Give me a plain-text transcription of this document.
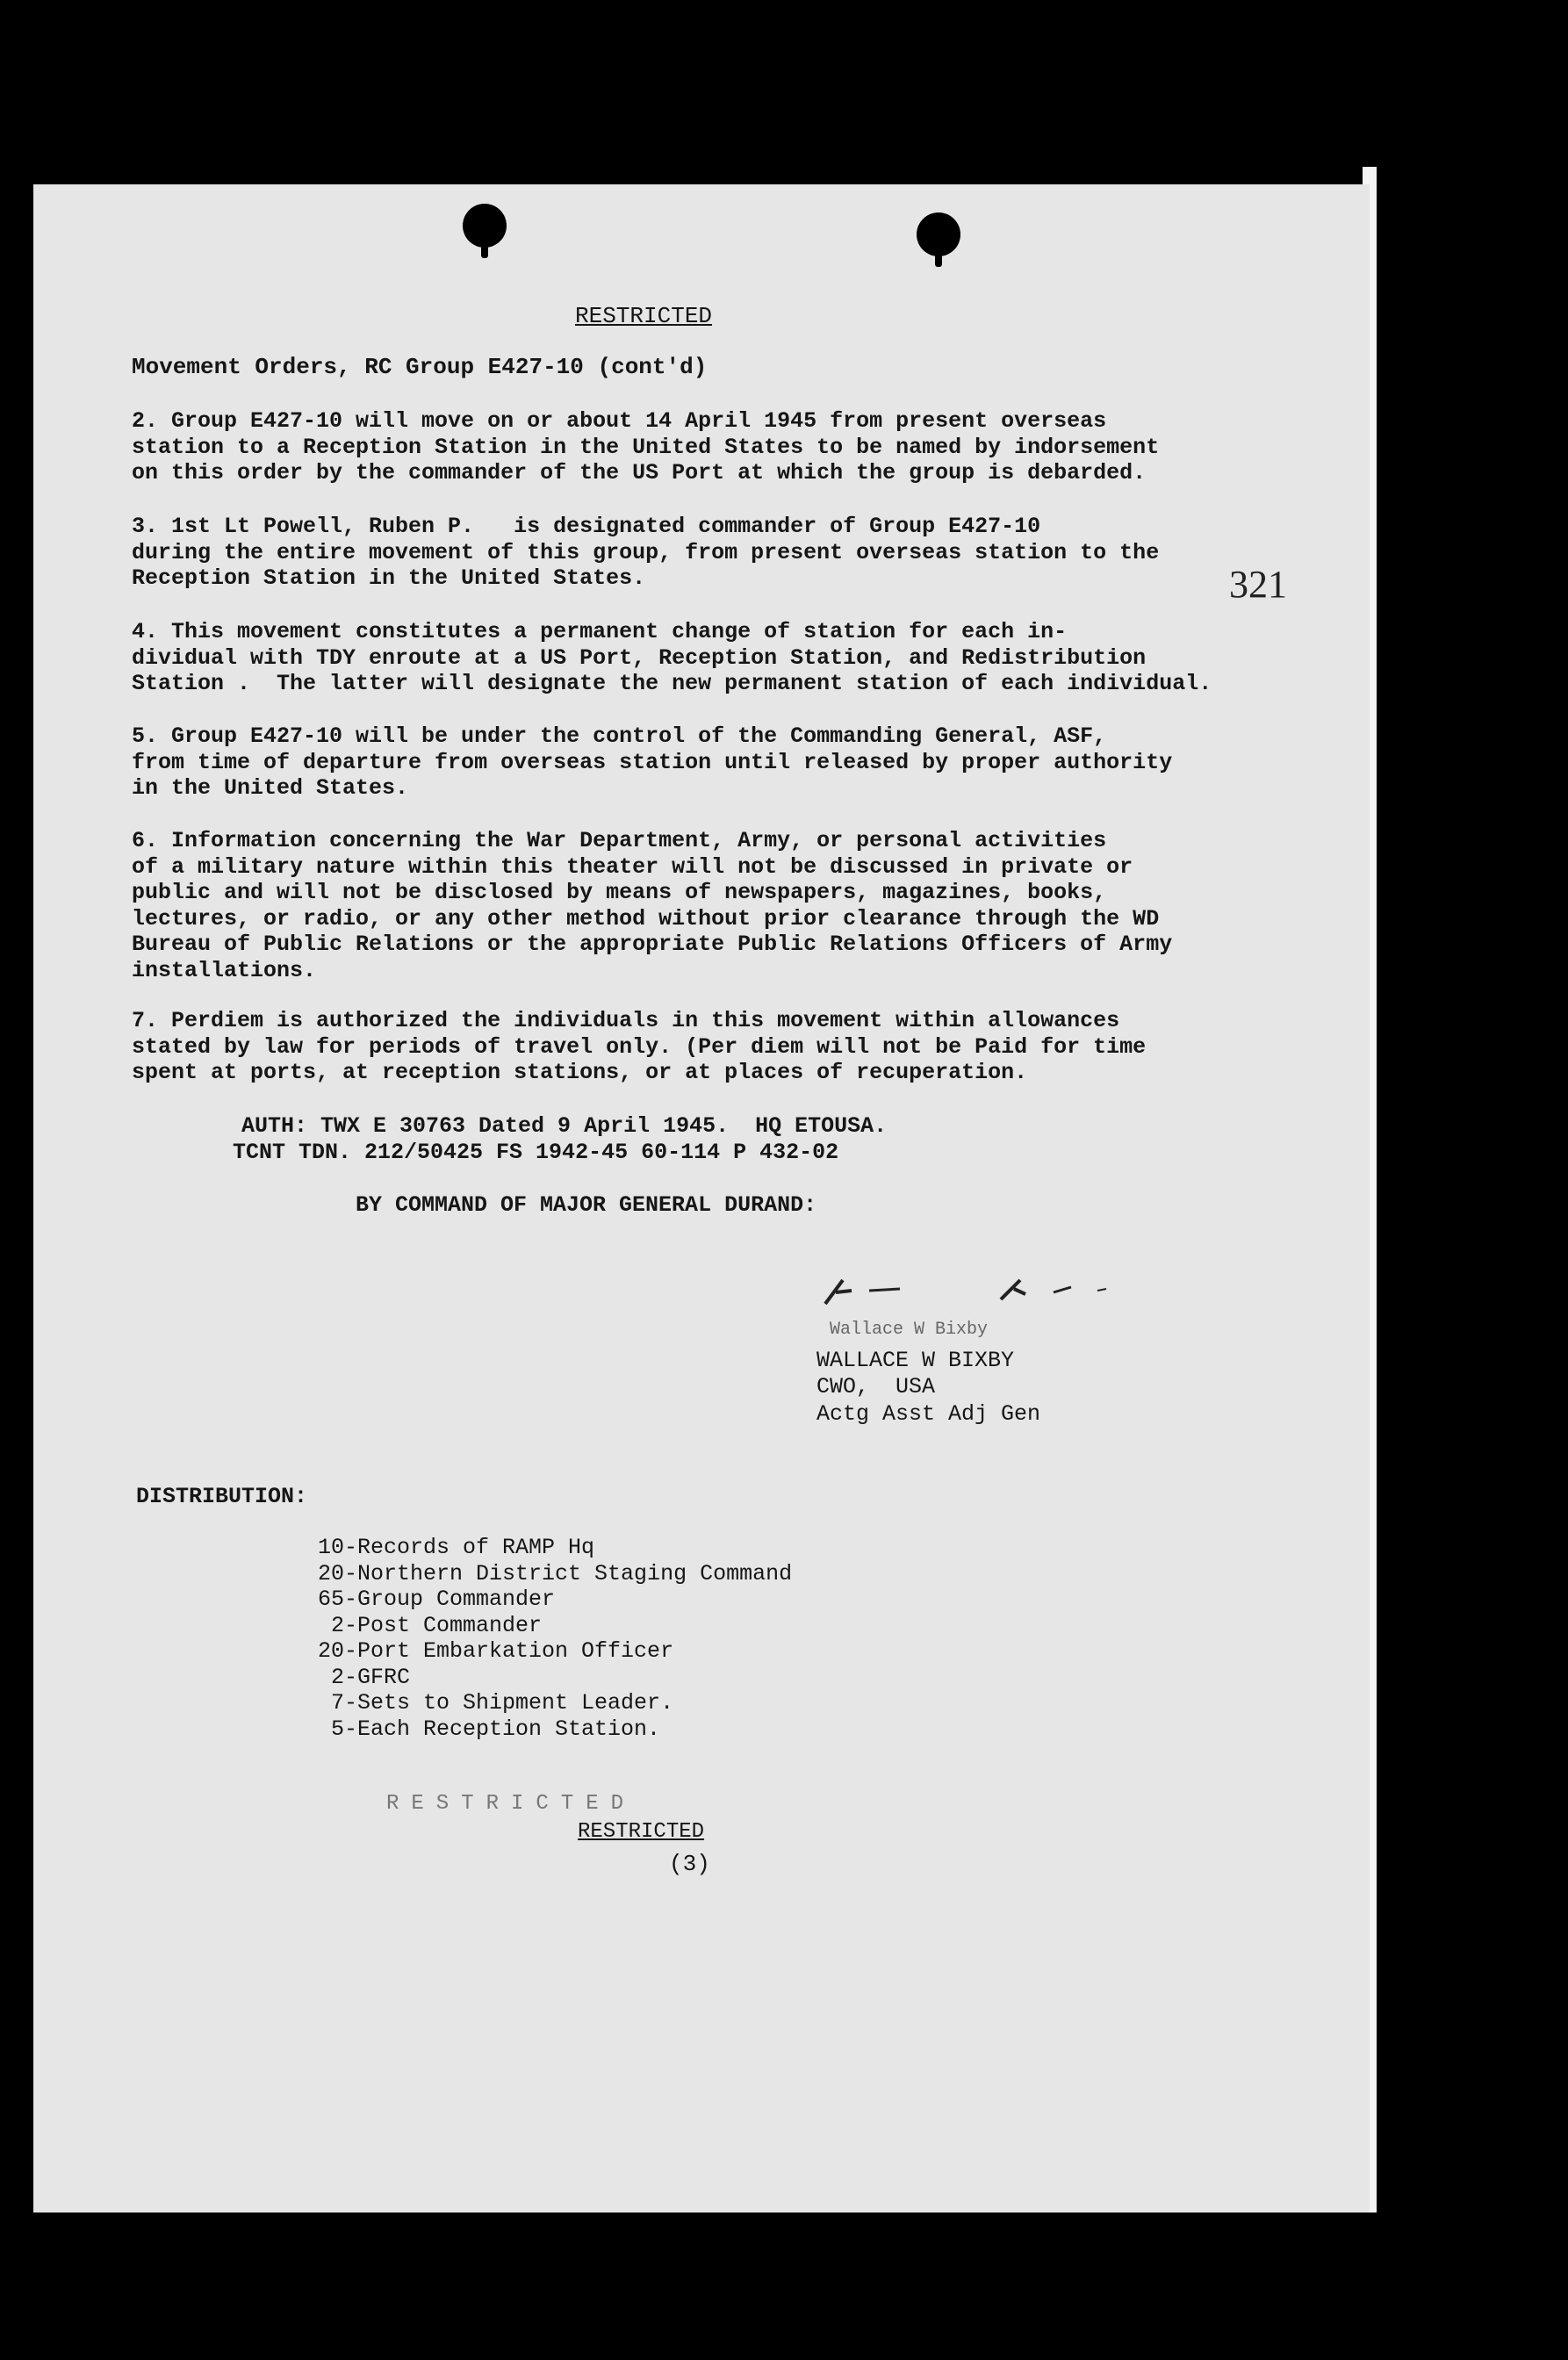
RESTRICTED
Movement Orders, RC Group E427-10 (cont'd)
2. Group E427-10 will move on or about 14 April 1945 from present overseas
station to a Reception Station in the United States to be named by indorsement
on this order by the commander of the US Port at which the group is debarded.
3. 1st Lt Powell, Ruben P.   is designated commander of Group E427-10
during the entire movement of this group, from present overseas station to the
Reception Station in the United States.	321
4. This movement constitutes a permanent change of station for each in-
dividual with TDY enroute at a US Port, Reception Station, and Redistribution
Station .  The latter will designate the new permanent station of each individual.
5. Group E427-10 will be under the control of the Commanding General, ASF,
from time of departure from overseas station until released by proper authority
in the United States.
6. Information concerning the War Department, Army, or personal activities
of a military nature within this theater will not be discussed in private or
public and will not be disclosed by means of newspapers, magazines, books,
lectures, or radio, or any other method without prior clearance through the WD
Bureau of Public Relations or the appropriate Public Relations Officers of Army
installations.
7. Perdiem is authorized the individuals in this movement within allowances
stated by law for periods of travel only. (Per diem will not be Paid for time
spent at ports, at reception stations, or at places of recuperation.
AUTH: TWX E 30763 Dated 9 April 1945.  HQ ETOUSA.
TCNT TDN. 212/50425 FS 1942-45 60-114 P 432-02
BY COMMAND OF MAJOR GENERAL DURAND:
Wallace W Bixby
WALLACE W BIXBY
CWO,  USA
Actg Asst Adj Gen
DISTRIBUTION:
10-Records of RAMP Hq
20-Northern District Staging Command
65-Group Commander
2-Post Commander
20-Port Embarkation Officer
2-GFRC
7-Sets to Shipment Leader.
5-Each Reception Station.
RESTRICTED
RESTRICTED
(3)
